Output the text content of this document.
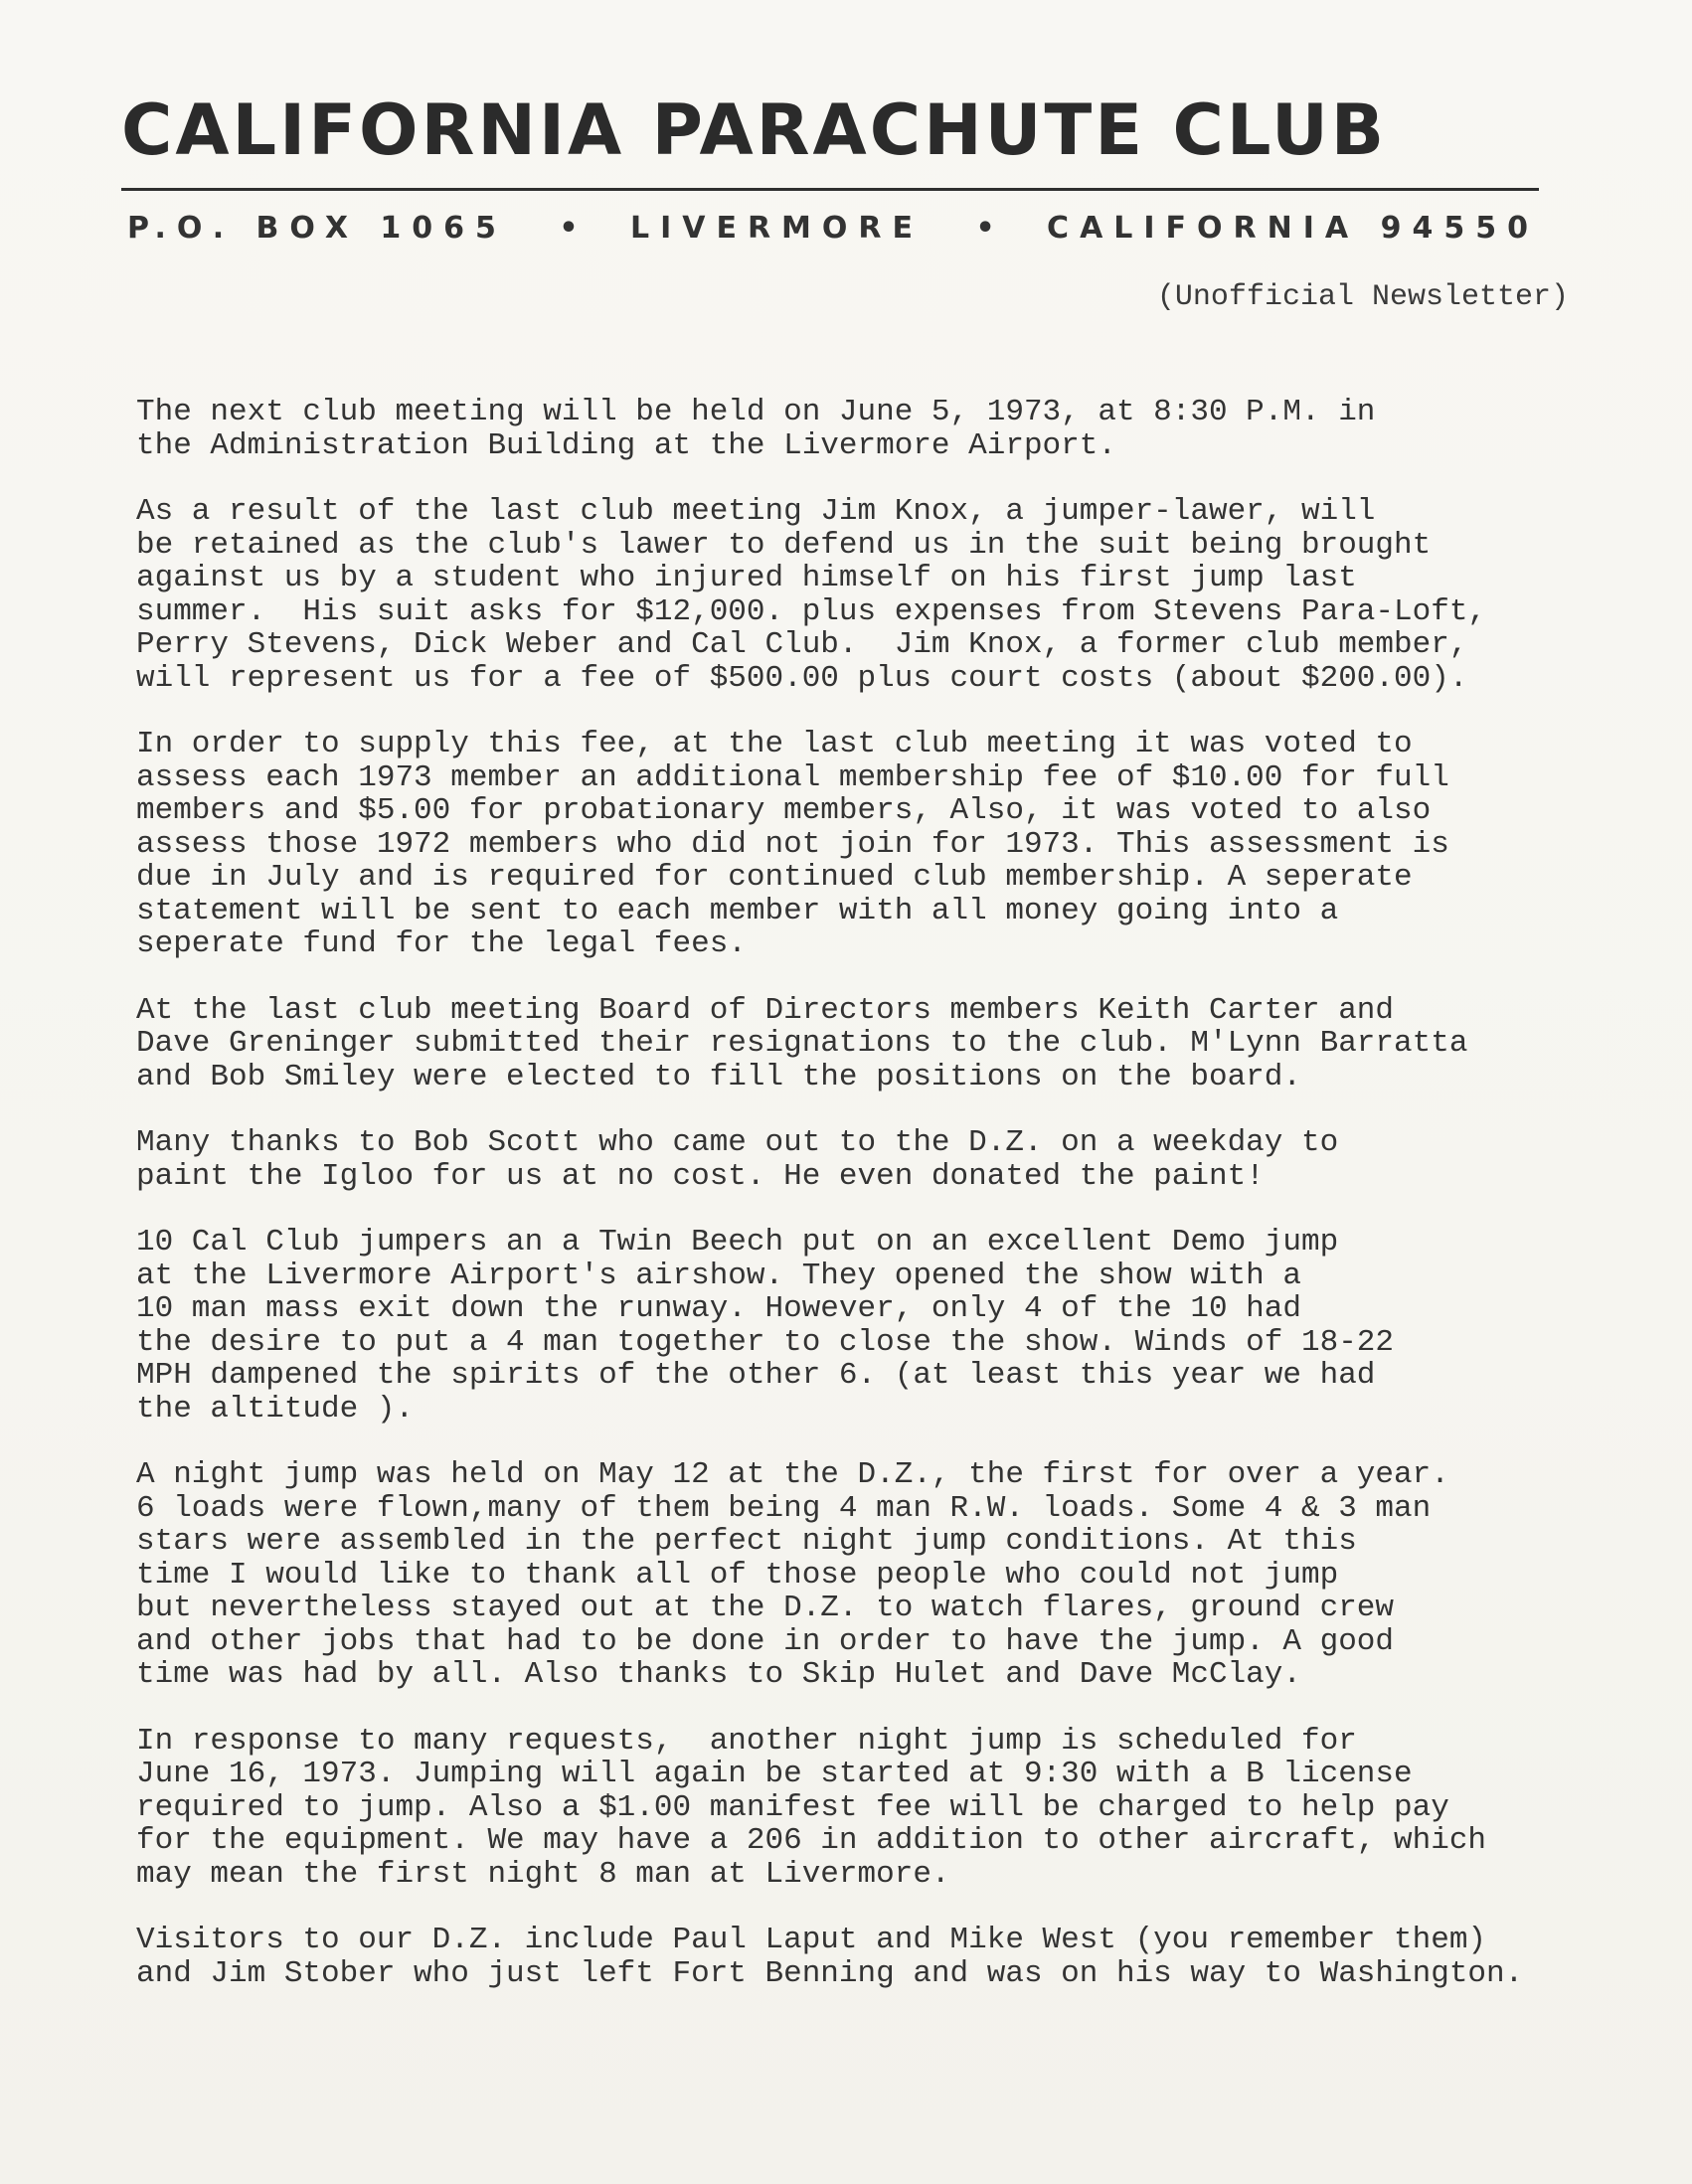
CALIFORNIA PARACHUTE CLUB
P.O. BOX 1065 • LIVERMORE • CALIFORNIA 94550
(Unofficial Newsletter)
The next club meeting will be held on June 5, 1973, at 8:30 P.M. in
the Administration Building at the Livermore Airport.
As a result of the last club meeting Jim Knox, a jumper-lawer, will
be retained as the club's lawer to defend us in the suit being brought
against us by a student who injured himself on his first jump last
summer.  His suit asks for $12,000. plus expenses from Stevens Para-Loft,
Perry Stevens, Dick Weber and Cal Club.  Jim Knox, a former club member,
will represent us for a fee of $500.00 plus court costs (about $200.00).
In order to supply this fee, at the last club meeting it was voted to
assess each 1973 member an additional membership fee of $10.00 for full
members and $5.00 for probationary members, Also, it was voted to also
assess those 1972 members who did not join for 1973. This assessment is
due in July and is required for continued club membership. A seperate
statement will be sent to each member with all money going into a
seperate fund for the legal fees.
At the last club meeting Board of Directors members Keith Carter and
Dave Greninger submitted their resignations to the club. M'Lynn Barratta
and Bob Smiley were elected to fill the positions on the board.
Many thanks to Bob Scott who came out to the D.Z. on a weekday to
paint the Igloo for us at no cost. He even donated the paint!
10 Cal Club jumpers an a Twin Beech put on an excellent Demo jump
at the Livermore Airport's airshow. They opened the show with a
10 man mass exit down the runway. However, only 4 of the 10 had
the desire to put a 4 man together to close the show. Winds of 18-22
MPH dampened the spirits of the other 6. (at least this year we had
the altitude ).
A night jump was held on May 12 at the D.Z., the first for over a year.
6 loads were flown,many of them being 4 man R.W. loads. Some 4 & 3 man
stars were assembled in the perfect night jump conditions. At this
time I would like to thank all of those people who could not jump
but nevertheless stayed out at the D.Z. to watch flares, ground crew
and other jobs that had to be done in order to have the jump. A good
time was had by all. Also thanks to Skip Hulet and Dave McClay.
In response to many requests,  another night jump is scheduled for
June 16, 1973. Jumping will again be started at 9:30 with a B license
required to jump. Also a $1.00 manifest fee will be charged to help pay
for the equipment. We may have a 206 in addition to other aircraft, which
may mean the first night 8 man at Livermore.
Visitors to our D.Z. include Paul Laput and Mike West (you remember them)
and Jim Stober who just left Fort Benning and was on his way to Washington.
